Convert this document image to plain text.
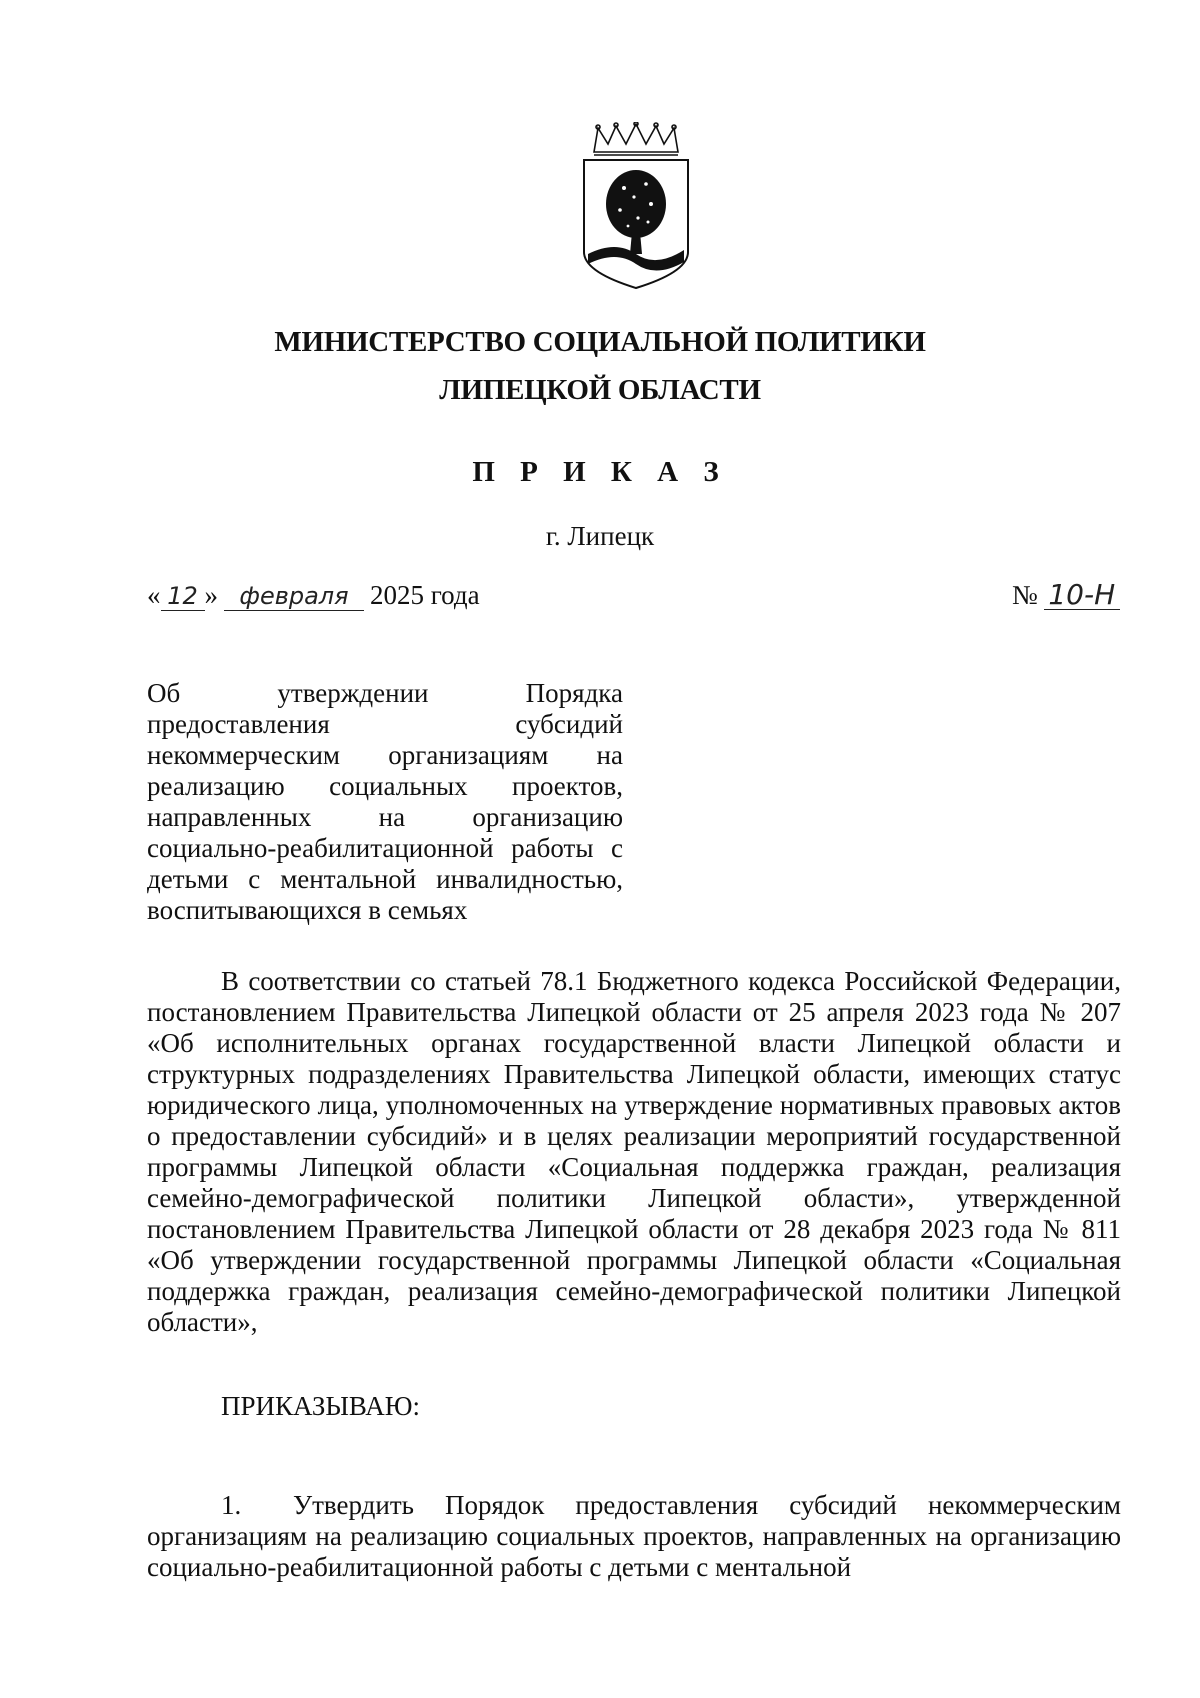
МИНИСТЕРСТВО СОЦИАЛЬНОЙ ПОЛИТИКИ
ЛИПЕЦКОЙ ОБЛАСТИ
П Р И К А З
г. Липецк
« 12 » февраля 2025 года	№ 10-Н
Об утверждении Порядка предоставления субсидий некоммерческим организациям на реализацию социальных проектов, направленных на организацию социально-реабилитационной работы с детьми с ментальной инвалидностью, воспитывающихся в семьях
В соответствии со статьей 78.1 Бюджетного кодекса Российской Федерации, постановлением Правительства Липецкой области от 25 апреля 2023 года № 207 «Об исполнительных органах государственной власти Липецкой области и структурных подразделениях Правительства Липецкой области, имеющих статус юридического лица, уполномоченных на утверждение нормативных правовых актов о предоставлении субсидий» и в целях реализации мероприятий государственной программы Липецкой области «Социальная поддержка граждан, реализация семейно-демографической политики Липецкой области», утвержденной постановлением Правительства Липецкой области от 28 декабря 2023 года № 811 «Об утверждении государственной программы Липецкой области «Социальная поддержка граждан, реализация семейно-демографической политики Липецкой области»,
ПРИКАЗЫВАЮ:
1. Утвердить Порядок предоставления субсидий некоммерческим организациям на реализацию социальных проектов, направленных на организацию социально-реабилитационной работы с детьми с ментальной
